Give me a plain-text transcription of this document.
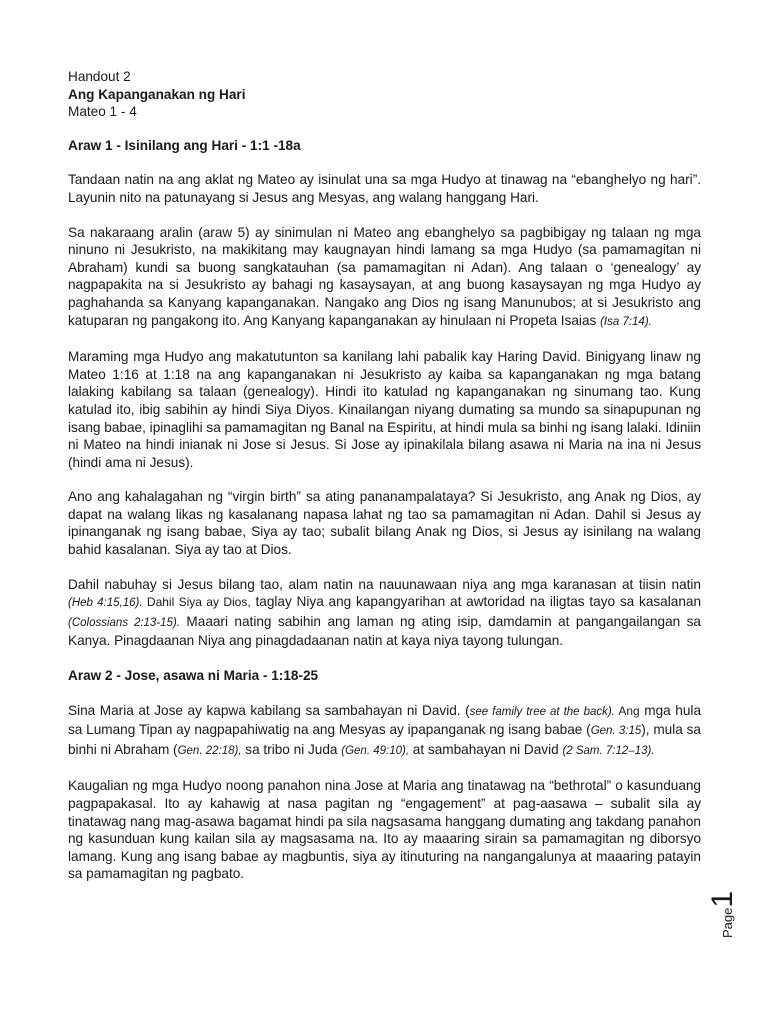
Handout 2
Ang Kapanganakan ng Hari
Mateo 1 - 4
Araw 1 - Isinilang ang Hari - 1:1 -18a

Tandaan natin na ang aklat ng Mateo ay isinulat una sa mga Hudyo at tinawag na “ebanghelyo ng hari”. Layunin nito na patunayang si Jesus ang Mesyas, ang walang hanggang Hari.

Sa nakaraang aralin (araw 5) ay sinimulan ni Mateo ang ebanghelyo sa pagbibigay ng talaan ng mga ninuno ni Jesukristo, na makikitang may kaugnayan hindi lamang sa mga Hudyo (sa pamamagitan ni Abraham) kundi sa buong sangkatauhan (sa pamamagitan ni Adan). Ang talaan o ‘genealogy’ ay nagpapakita na si Jesukristo ay bahagi ng kasaysayan, at ang buong kasaysayan ng mga Hudyo ay paghahanda sa Kanyang kapanganakan. Nangako ang Dios ng isang Manunubos; at si Jesukristo ang katuparan ng pangakong ito. Ang Kanyang kapanganakan ay hinulaan ni Propeta Isaias (Isa 7:14).

Maraming mga Hudyo ang makatutunton sa kanilang lahi pabalik kay Haring David. Binigyang linaw ng Mateo 1:16 at 1:18 na ang kapanganakan ni Jesukristo ay kaiba sa kapanganakan ng mga batang lalaking kabilang sa talaan (genealogy). Hindi ito katulad ng kapanganakan ng sinumang tao. Kung katulad ito, ibig sabihin ay hindi Siya Diyos. Kinailangan niyang dumating sa mundo sa sinapupunan ng isang babae, ipinaglihi sa pamamagitan ng Banal na Espiritu, at hindi mula sa binhi ng isang lalaki. Idiniin ni Mateo na hindi inianak ni Jose si Jesus. Si Jose ay ipinakilala bilang asawa ni Maria na ina ni Jesus (hindi ama ni Jesus).

Ano ang kahalagahan ng “virgin birth” sa ating pananampalataya? Si Jesukristo, ang Anak ng Dios, ay dapat na walang likas ng kasalanang napasa lahat ng tao sa pamamagitan ni Adan. Dahil si Jesus ay ipinanganak ng isang babae, Siya ay tao; subalit bilang Anak ng Dios, si Jesus ay isinilang na walang bahid kasalanan. Siya ay tao at Dios.

Dahil nabuhay si Jesus bilang tao, alam natin na nauunawaan niya ang mga karanasan at tiisin natin (Heb 4:15,16). Dahil Siya ay Dios, taglay Niya ang kapangyarihan at awtoridad na iligtas tayo sa kasalanan (Colossians 2:13-15). Maaari nating sabihin ang laman ng ating isip, damdamin at pangangailangan sa Kanya. Pinagdaanan Niya ang pinagdadaanan natin at kaya niya tayong tulungan.

Araw 2 - Jose, asawa ni Maria - 1:18-25

Sina Maria at Jose ay kapwa kabilang sa sambahayan ni David. (see family tree at the back). Ang mga hula sa Lumang Tipan ay nagpapahiwatig na ang Mesyas ay ipapanganak ng isang babae (Gen. 3:15), mula sa binhi ni Abraham (Gen. 22:18), sa tribo ni Juda (Gen. 49:10), at sambahayan ni David (2 Sam. 7:12–13).

Kaugalian ng mga Hudyo noong panahon nina Jose at Maria ang tinatawag na “bethrotal” o kasunduang pagpapakasal. Ito ay kahawig at nasa pagitan ng “engagement” at pag-aasawa – subalit sila ay tinatawag nang mag-asawa bagamat hindi pa sila nagsasama hanggang dumating ang takdang panahon ng kasunduan kung kailan sila ay magsasama na. Ito ay maaaring sirain sa pamamagitan ng diborsyo lamang. Kung ang isang babae ay magbuntis, siya ay itinuturing na nangangalunya at maaaring patayin sa pamamagitan ng pagbato.

Page1
